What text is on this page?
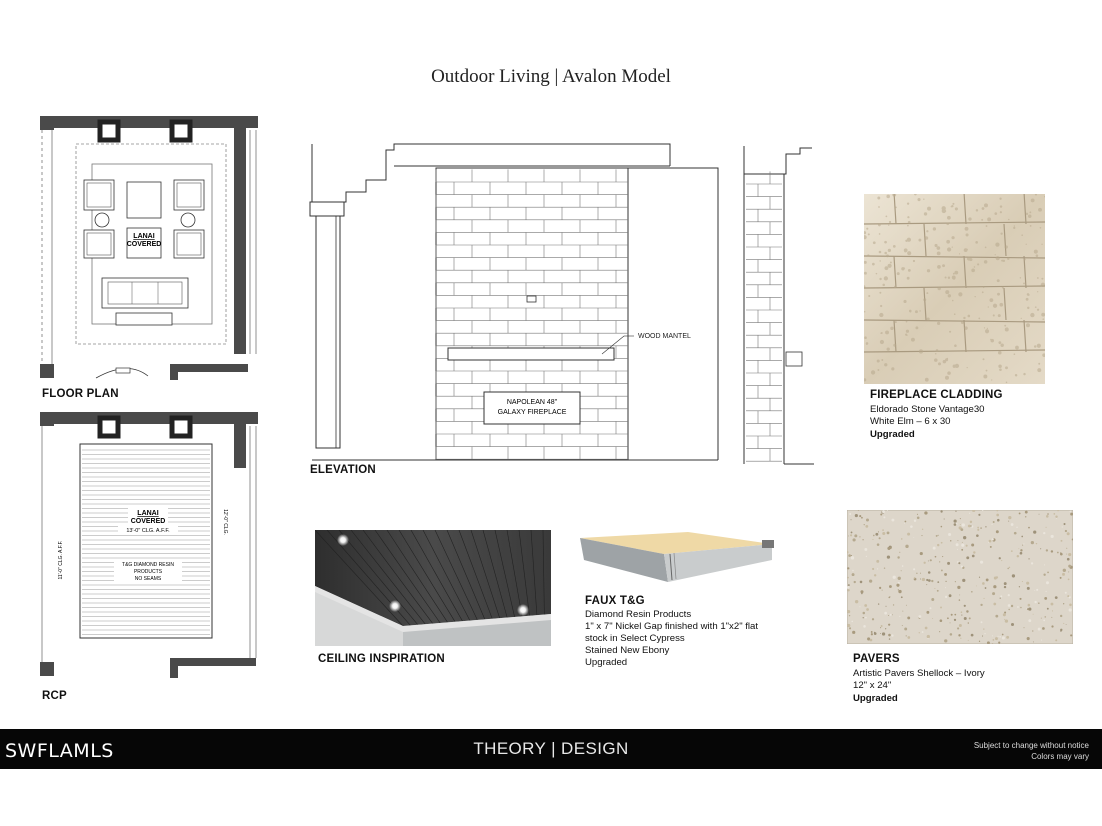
Outdoor Living | Avalon Model
LANAI
COVERED
FLOOR PLAN
LANAI
COVERED
13'-0" CLG. A.F.F.
T&G DIAMOND RESIN
PRODUCTS
NO SEAMS
11'-0" CLG. A.F.F.
12'-0" CLG.
RCP
WOOD MANTEL
NAPOLEAN 48"
GALAXY FIREPLACE
ELEVATION
FIREPLACE CLADDING
Eldorado Stone Vantage30
White Elm – 6 x 30
Upgraded
CEILING INSPIRATION
FAUX T&G
Diamond Resin Products
1" x 7" Nickel Gap finished with 1"x2" flat
stock in Select Cypress
Stained New Ebony
Upgraded	PAVERS
Artistic Pavers Shellock – Ivory
12" x 24"
Upgraded
SWFLAMLS	THEORY | DESIGN	Subject to change without notice
Colors may vary
